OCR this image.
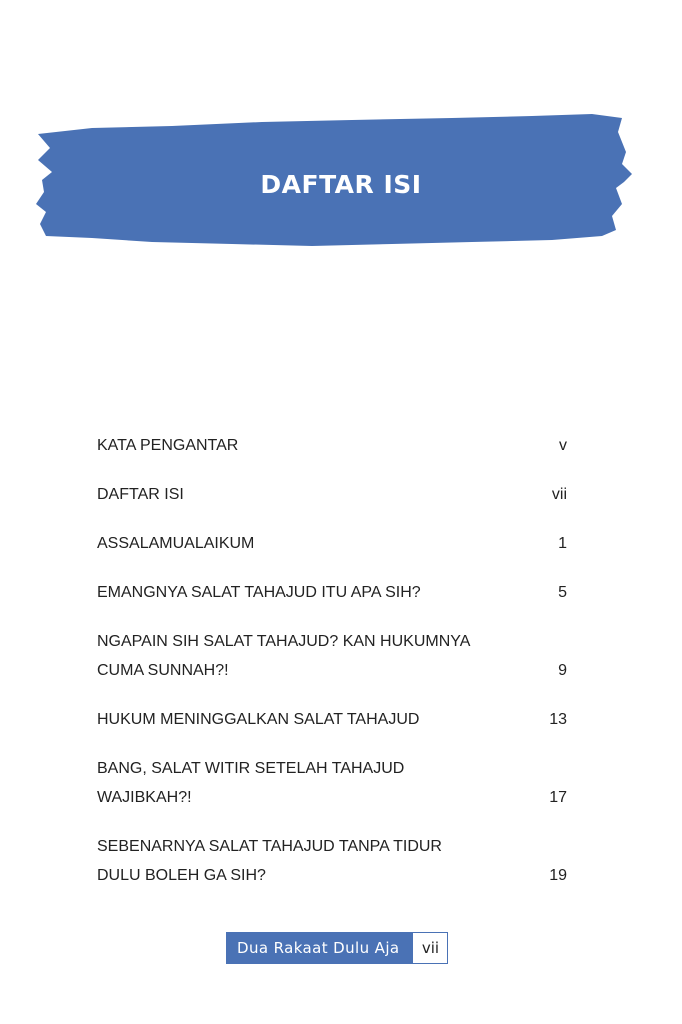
DAFTAR ISI
KATA PENGANTAR	v
DAFTAR ISI	vii
ASSALAMUALAIKUM	1
EMANGNYA SALAT TAHAJUD ITU APA SIH?	5
NGAPAIN SIH SALAT TAHAJUD? KAN HUKUMNYA CUMA SUNNAH?!	9
HUKUM MENINGGALKAN SALAT TAHAJUD	13
BANG, SALAT WITIR SETELAH TAHAJUD WAJIBKAH?!	17
SEBENARNYA SALAT TAHAJUD TANPA TIDUR DULU BOLEH GA SIH?	19
Dua Rakaat Dulu Aja	vii
